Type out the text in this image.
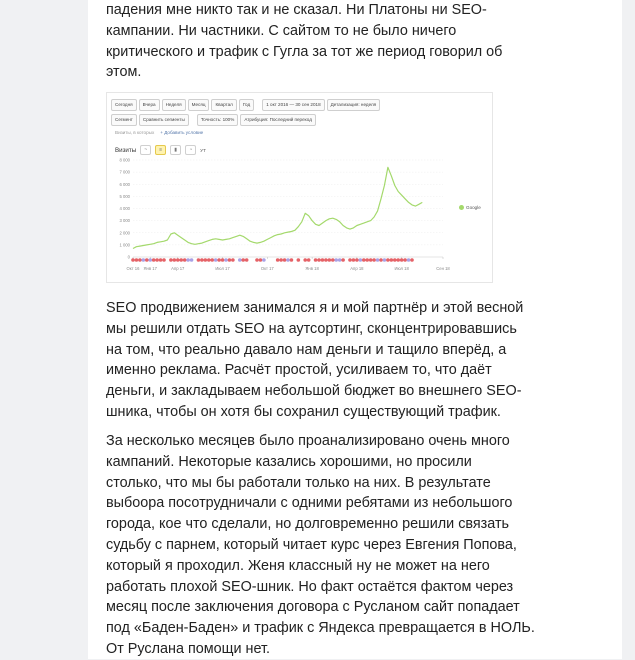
падения мне никто так и не сказал. Ни Платоны ни SEO-
кампании. Ни частники. С сайтом то не было ничего
критического и трафик с Гугла за тот же период говорил об
этом.

Сегодня	Вчера	Неделя	Месяц	Квартал	Год	1 окт 2016 — 30 сен 2018	Детализация: неделя
Сегмент	Сравнить сегменты	Точность: 100%	Атрибуция: Последний переход
Визиты, в которых + Добавить условие
Визиты	~	≡	▮	◔	УТ
0
1 000
2 000
3 000
4 000
5 000
6 000
7 000
8 000
Окт 16 Янв 17	Апр 17	Июл 17	Окт 17	Янв 18	Апр 18	Июл 18	Сен 18
Google

SEO продвижением занимался я и мой партнёр и этой весной
мы решили отдать SEO на аутсортинг, сконцентрировавшись
на том, что реально давало нам деньги и тащило вперёд, а
именно реклама. Расчёт простой, усиливаем то, что даёт
деньги, и закладываем небольшой бюджет во внешнего SEO-
шника, чтобы он хотя бы сохранил существующий трафик.

За несколько месяцев было проанализировано очень много
кампаний. Некоторые казались хорошими, но просили
столько, что мы бы работали только на них. В результате
выбоора посотрудничали с одними ребятами из небольшого
города, кое что сделали, но долговременно решили связать
судьбу с парнем, который читает курс через Евгения Попова,
который я проходил. Женя классный ну не может на него
работать плохой SEO-шник. Но факт остаётся фактом через
месяц после заключения договора с Русланом сайт попадает
под «Баден-Баден» и трафик с Яндекса превращается в НОЛЬ.
От Руслана помощи нет.
